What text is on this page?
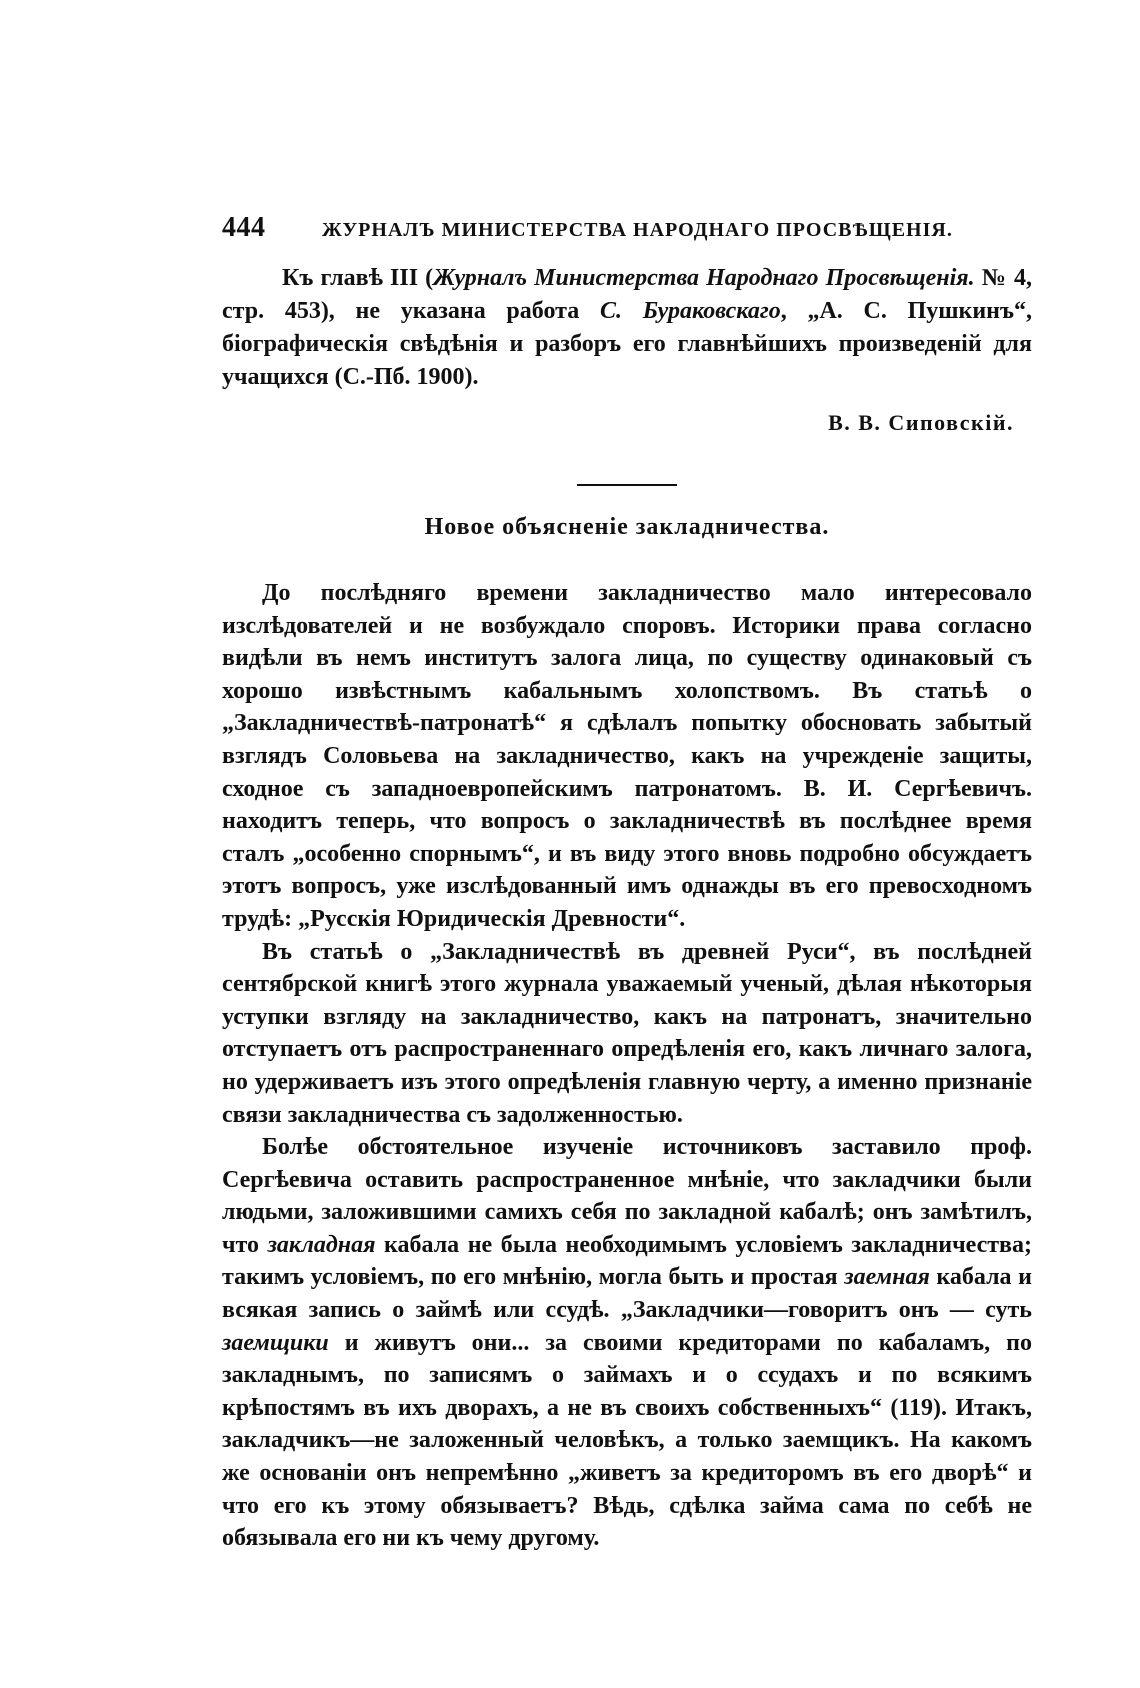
444	ЖУРНАЛЪ МИНИСТЕРСТВА НАРОДНАГО ПРОСВѢЩЕНІЯ.

Къ главѣ III (Журналъ Министерства Народнаго Просвѣщенія. № 4, стр. 453), не указана работа С. Бураковскаго, „А. С. Пушкинъ“, біографическія свѣдѣнія и разборъ его главнѣйшихъ произведеній для учащихся (С.-Пб. 1900).

В. В. Сиповскій.
Новое объясненіе закладничества.

До послѣдняго времени закладничество мало интересовало изслѣдователей и не возбуждало споровъ. Историки права согласно видѣли въ немъ институтъ залога лица, по существу одинаковый съ хорошо извѣстнымъ кабальнымъ холопствомъ. Въ статьѣ о „Закладничествѣ-патронатѣ“ я сдѣлалъ попытку обосновать забытый взглядъ Соловьева на закладничество, какъ на учрежденіе защиты, сходное съ западноевропейскимъ патронатомъ. В. И. Сергѣевичъ. находитъ теперь, что вопросъ о закладничествѣ въ послѣднее время сталъ „особенно спорнымъ“, и въ виду этого вновь подробно обсуждаетъ этотъ вопросъ, уже изслѣдованный имъ однажды въ его превосходномъ трудѣ: „Русскія Юридическія Древности“.

Въ статьѣ о „Закладничествѣ въ древней Руси“, въ послѣдней сентябрской книгѣ этого журнала уважаемый ученый, дѣлая нѣкоторыя уступки взгляду на закладничество, какъ на патронатъ, значительно отступаетъ отъ распространеннаго опредѣленія его, какъ личнаго залога, но удерживаетъ изъ этого опредѣленія главную черту, а именно признаніе связи закладничества съ задолженностью.

Болѣе обстоятельное изученіе источниковъ заставило проф. Сергѣевича оставить распространенное мнѣніе, что закладчики были людьми, заложившими самихъ себя по закладной кабалѣ; онъ замѣтилъ, что закладная кабала не была необходимымъ условіемъ закладничества; такимъ условіемъ, по его мнѣнію, могла быть и простая заемная кабала и всякая запись о займѣ или ссудѣ. „Закладчики—говоритъ онъ — суть заемщики и живутъ они... за своими кредиторами по кабаламъ, по закладнымъ, по записямъ о займахъ и о ссудахъ и по всякимъ крѣпостямъ въ ихъ дворахъ, а не въ своихъ собственныхъ“ (119). Итакъ, закладчикъ—не заложенный человѣкъ, а только заемщикъ. На какомъ же основаніи онъ непремѣнно „живетъ за кредиторомъ въ его дворѣ“ и что его къ этому обязываетъ? Вѣдь, сдѣлка займа сама по себѣ не обязывала его ни къ чему другому.
